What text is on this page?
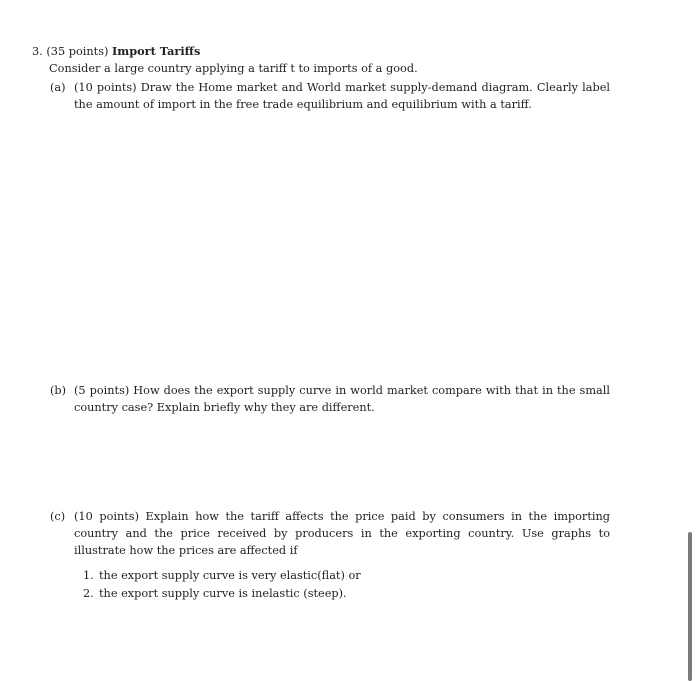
3. (35 points) Import Tariffs
Consider a large country applying a tariff t to imports of a good.
(a) (10 points) Draw the Home market and World market supply-demand diagram. Clearly label the amount of import in the free trade equilibrium and equilibrium with a tariff.
(b) (5 points) How does the export supply curve in world market compare with that in the small country case? Explain briefly why they are different.
(c) (10 points) Explain how the tariff affects the price paid by consumers in the importing country and the price received by producers in the exporting country. Use graphs to illustrate how the prices are affected if
1. the export supply curve is very elastic(flat) or
2. the export supply curve is inelastic (steep).
